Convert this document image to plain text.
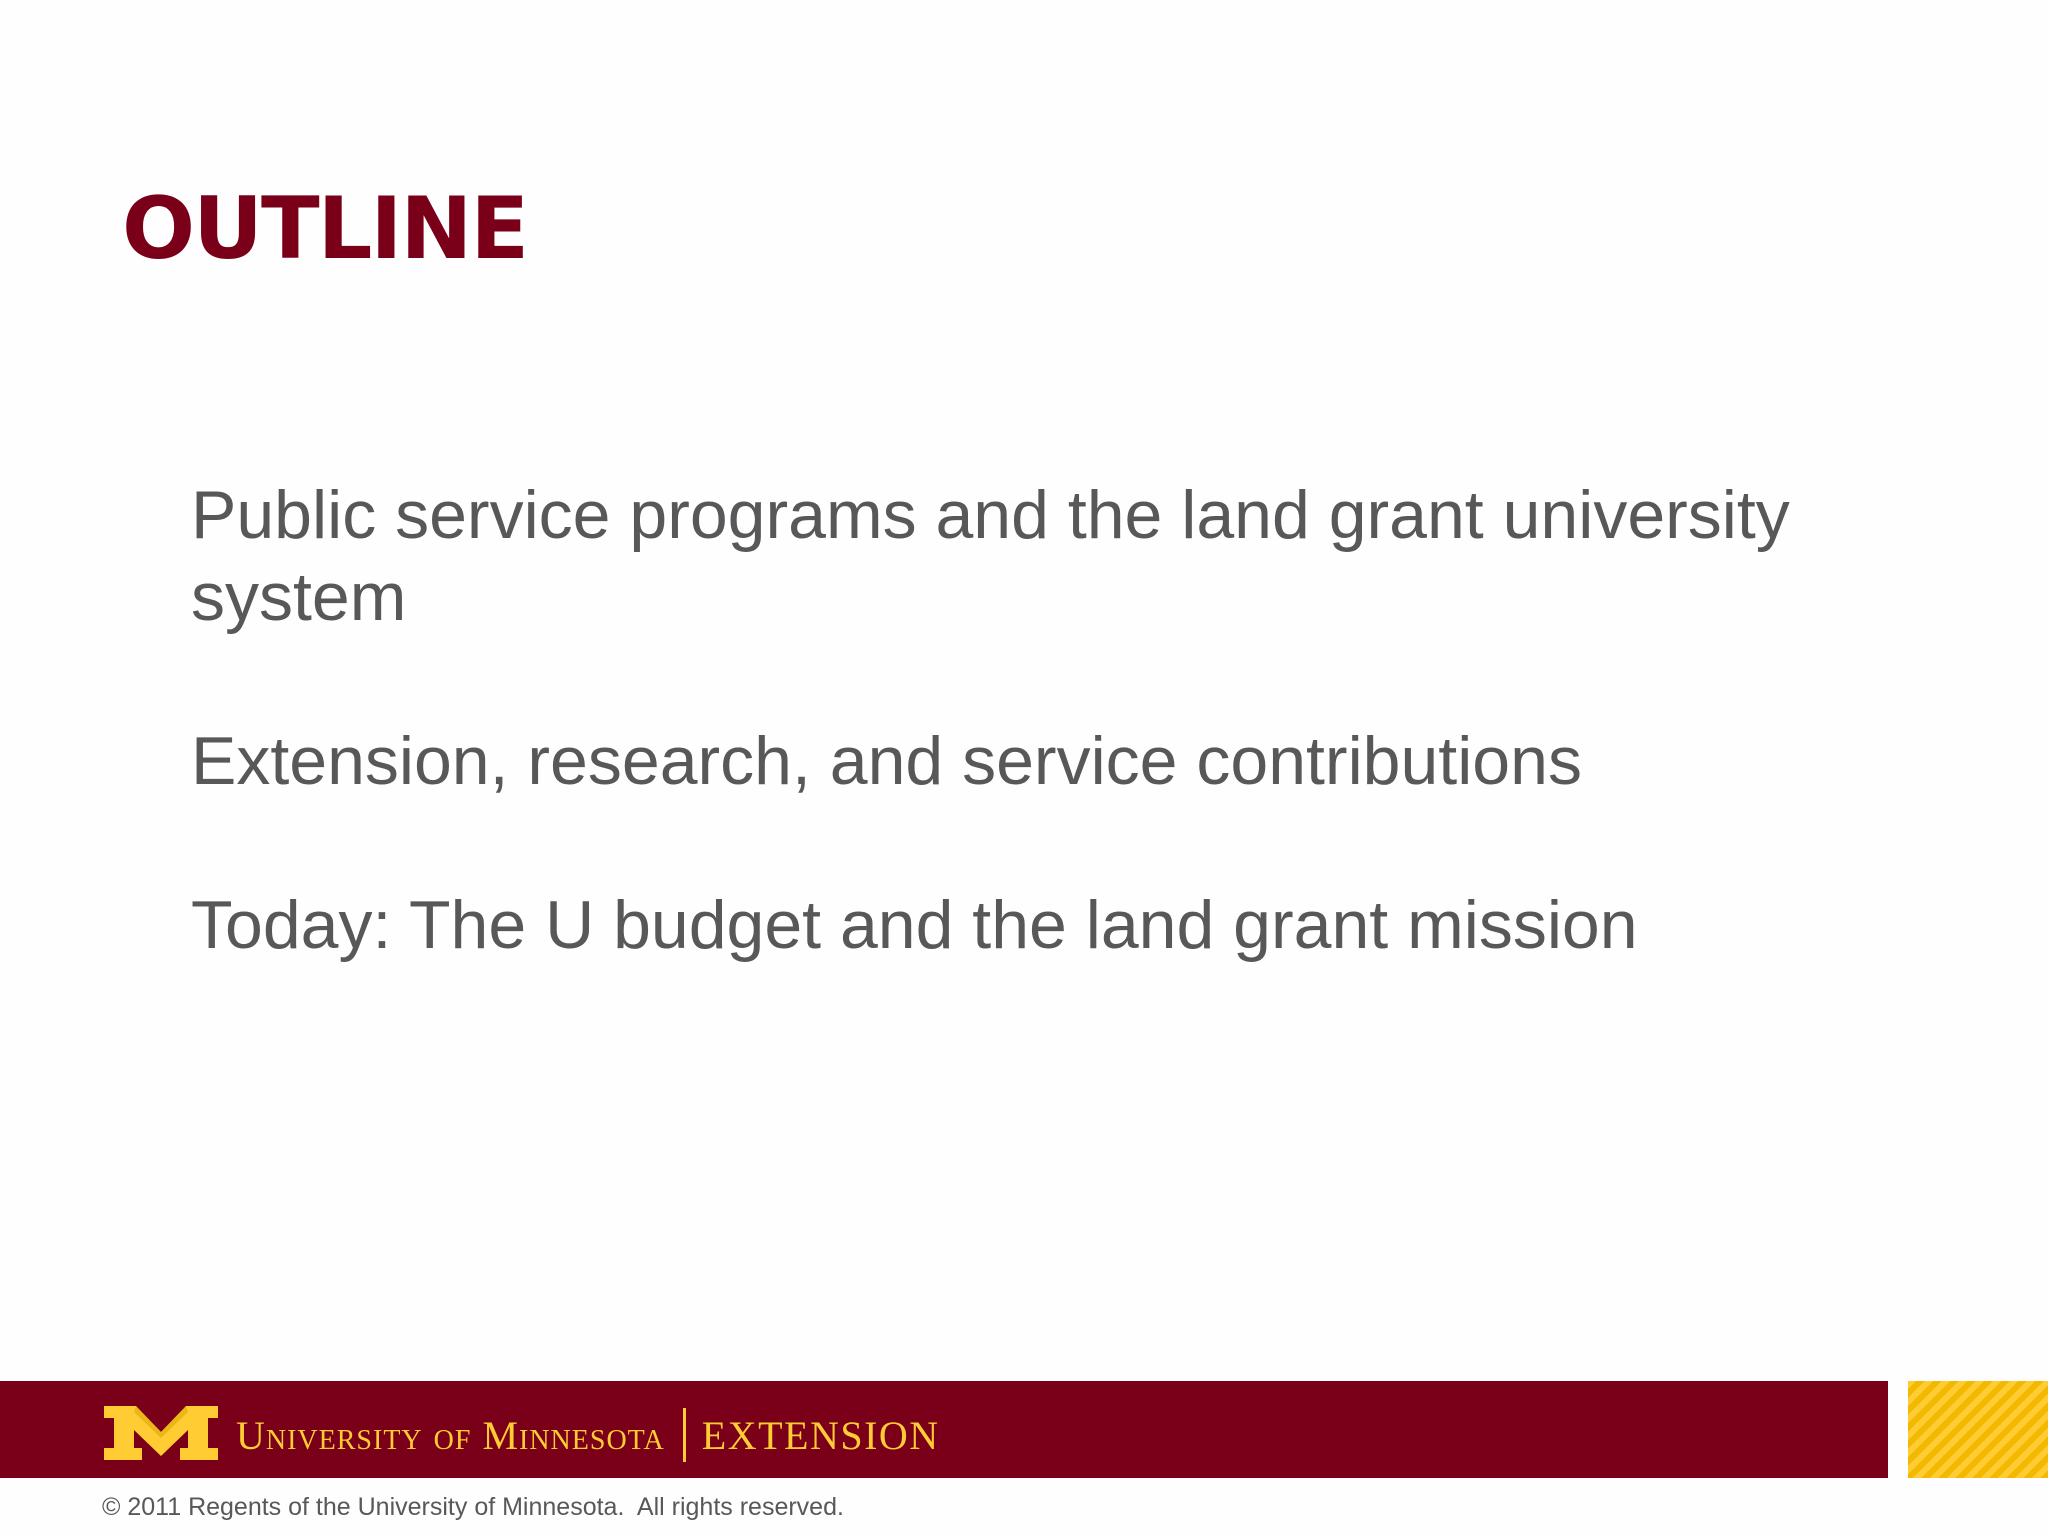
OUTLINE
Public service programs and the land grant university system
Extension, research, and service contributions
Today: The U budget and the land grant mission
University of Minnesota EXTENSION

© 2011 Regents of the University of Minnesota.  All rights reserved.
